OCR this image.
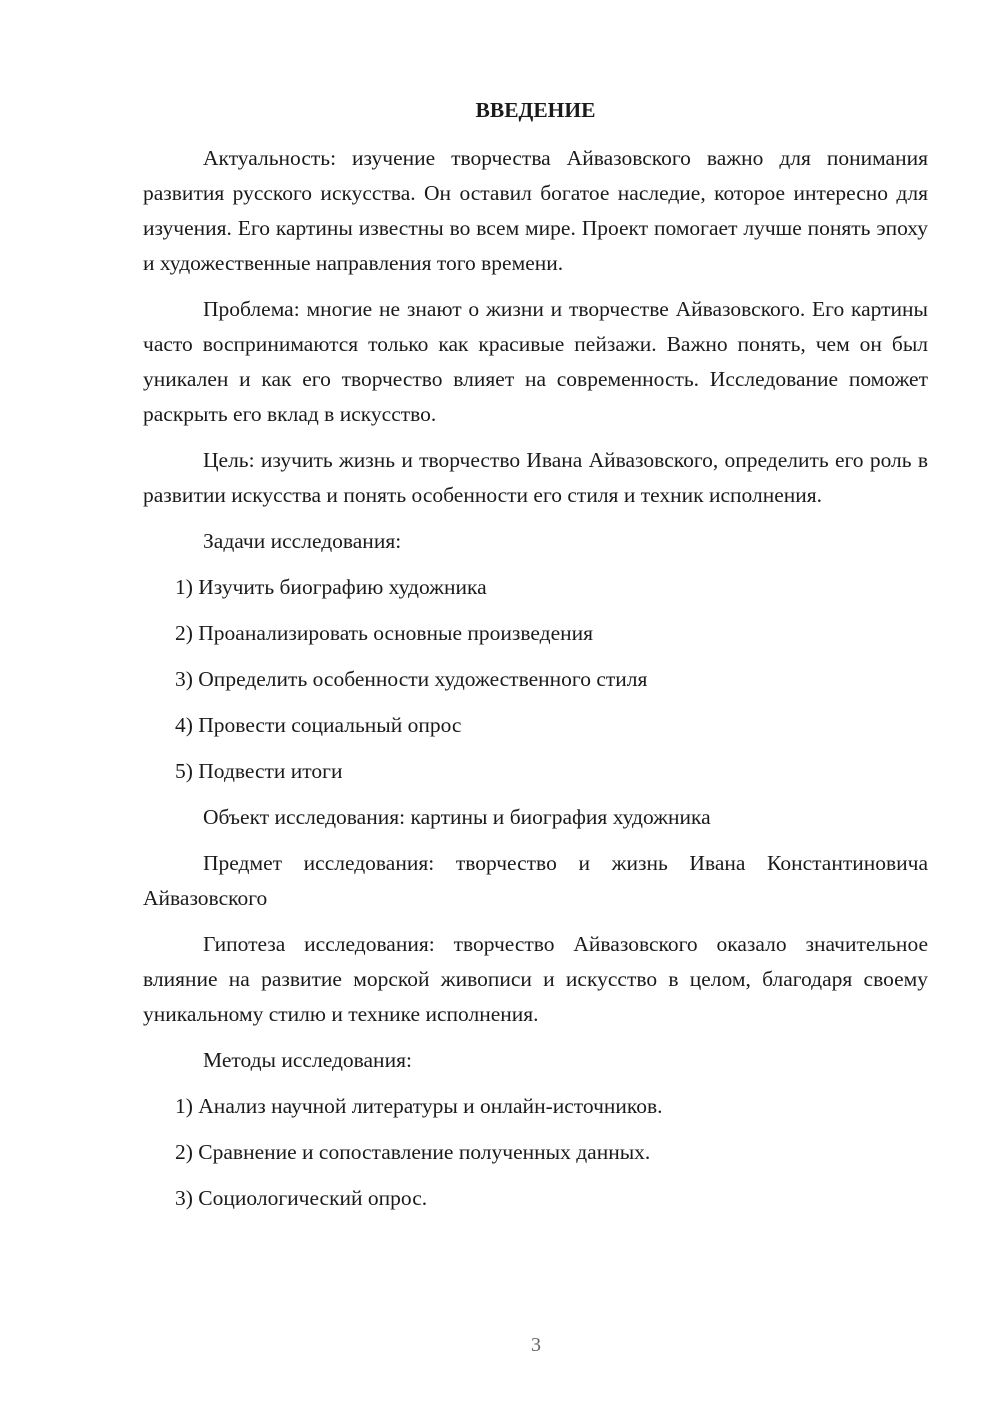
ВВЕДЕНИЕ

Актуальность: изучение творчества Айвазовского важно для понимания развития русского искусства. Он оставил богатое наследие, которое интересно для изучения. Его картины известны во всем мире. Проект помогает лучше понять эпоху и художественные направления того времени.

Проблема: многие не знают о жизни и творчестве Айвазовского. Его картины часто воспринимаются только как красивые пейзажи. Важно понять, чем он был уникален и как его творчество влияет на современность. Исследование поможет раскрыть его вклад в искусство.

Цель: изучить жизнь и творчество Ивана Айвазовского, определить его роль в развитии искусства и понять особенности его стиля и техник исполнения.

Задачи исследования:

1) Изучить биографию художника

2) Проанализировать основные произведения

3) Определить особенности художественного стиля

4) Провести социальный опрос

5) Подвести итоги

Объект исследования: картины и биография художника

Предмет исследования: творчество и жизнь Ивана Константиновича Айвазовского

Гипотеза исследования: творчество Айвазовского оказало значительное влияние на развитие морской живописи и искусство в целом, благодаря своему уникальному стилю и технике исполнения.

Методы исследования:

1) Анализ научной литературы и онлайн-источников.

2) Сравнение и сопоставление полученных данных.

3) Социологический опрос.

3
